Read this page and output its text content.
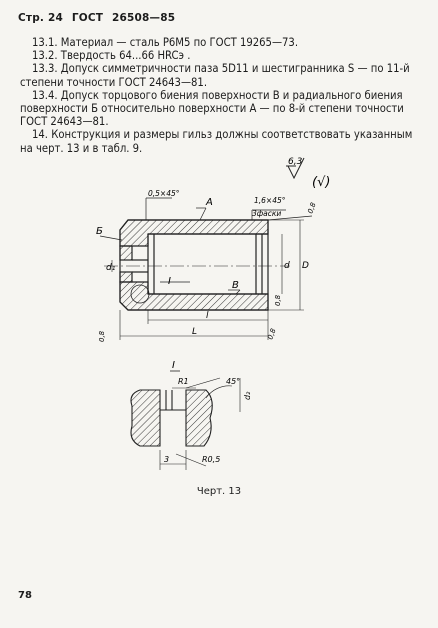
Стр. 24 ГОСТ 26508—85

13.1. Материал — сталь Р6М5 по ГОСТ 19265—73.

13.2. Твердость 64...66 HRCэ .

13.3. Допуск симметричности паза 5D11 и шестигранника S — по 11-й степени точности ГОСТ 24643—81.

13.4. Допуск торцового биения поверхности В и радиального биения поверхности Б относительно поверхности А — по 8-й степени точности ГОСТ 24643—81.

14. Конструкция и размеры гильз должны соответствовать указанным на черт. 13 и в табл. 9.

6,3
(√)
0,5×45°
А
Б
I	В
1,6×45°
3фаски	0,8
0,8
0,8
0,8
d₁	d D
l
L
I
R1	45°
d₂
3	R0,5
Черт. 13
78
